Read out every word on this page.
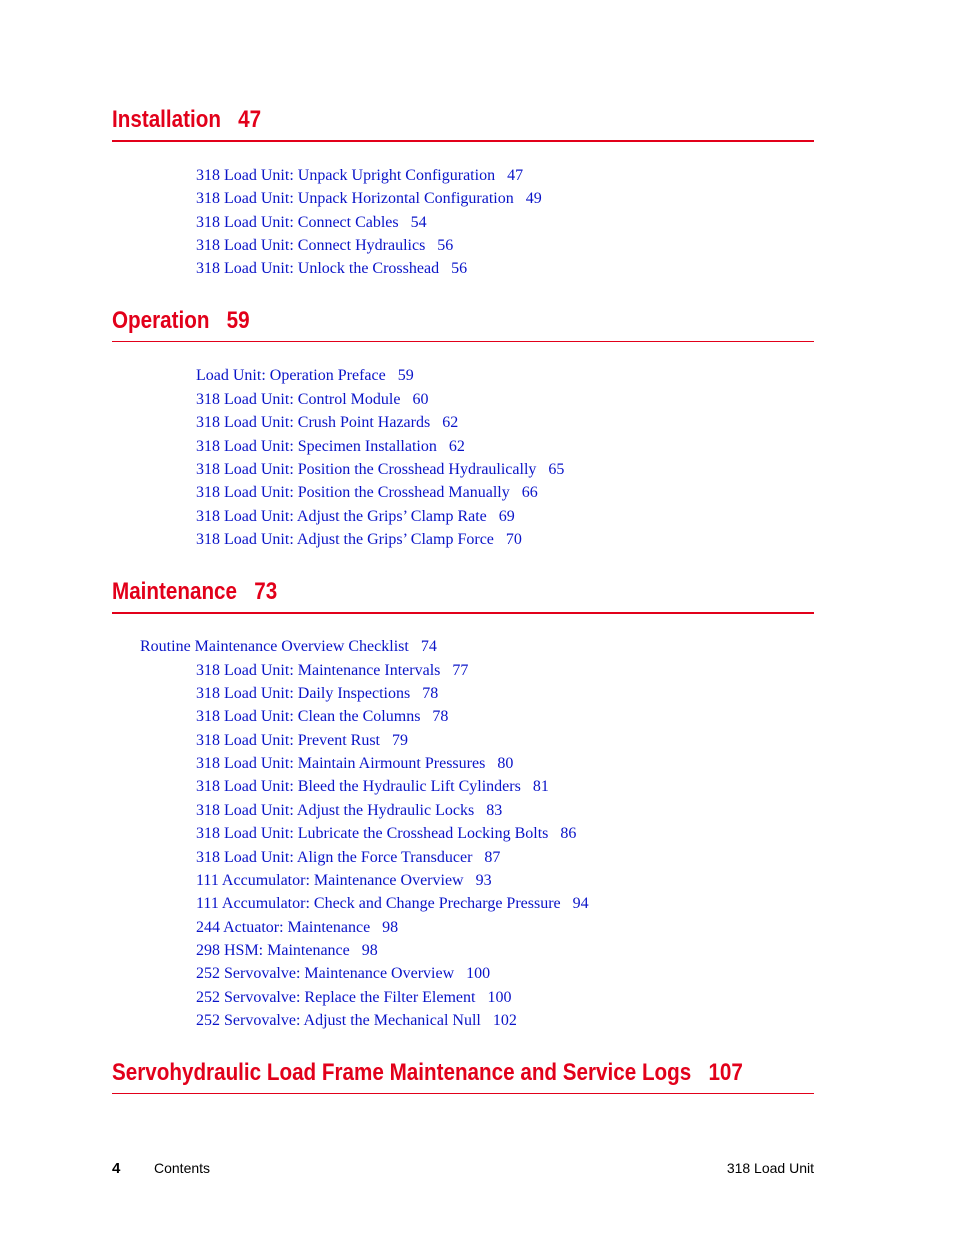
Installation 47
318 Load Unit: Unpack Upright Configuration 47
318 Load Unit: Unpack Horizontal Configuration 49
318 Load Unit: Connect Cables 54
318 Load Unit: Connect Hydraulics 56
318 Load Unit: Unlock the Crosshead 56
Operation 59
Load Unit: Operation Preface 59
318 Load Unit: Control Module 60
318 Load Unit: Crush Point Hazards 62
318 Load Unit: Specimen Installation 62
318 Load Unit: Position the Crosshead Hydraulically 65
318 Load Unit: Position the Crosshead Manually 66
318 Load Unit: Adjust the Grips’ Clamp Rate 69
318 Load Unit: Adjust the Grips’ Clamp Force 70
Maintenance 73
Routine Maintenance Overview Checklist 74
318 Load Unit: Maintenance Intervals 77
318 Load Unit: Daily Inspections 78
318 Load Unit: Clean the Columns 78
318 Load Unit: Prevent Rust 79
318 Load Unit: Maintain Airmount Pressures 80
318 Load Unit: Bleed the Hydraulic Lift Cylinders 81
318 Load Unit: Adjust the Hydraulic Locks 83
318 Load Unit: Lubricate the Crosshead Locking Bolts 86
318 Load Unit: Align the Force Transducer 87
111 Accumulator: Maintenance Overview 93
111 Accumulator: Check and Change Precharge Pressure 94
244 Actuator: Maintenance 98
298 HSM: Maintenance 98
252 Servovalve: Maintenance Overview 100
252 Servovalve: Replace the Filter Element 100
252 Servovalve: Adjust the Mechanical Null 102
Servohydraulic Load Frame Maintenance and Service Logs 107
4 Contents	318 Load Unit
